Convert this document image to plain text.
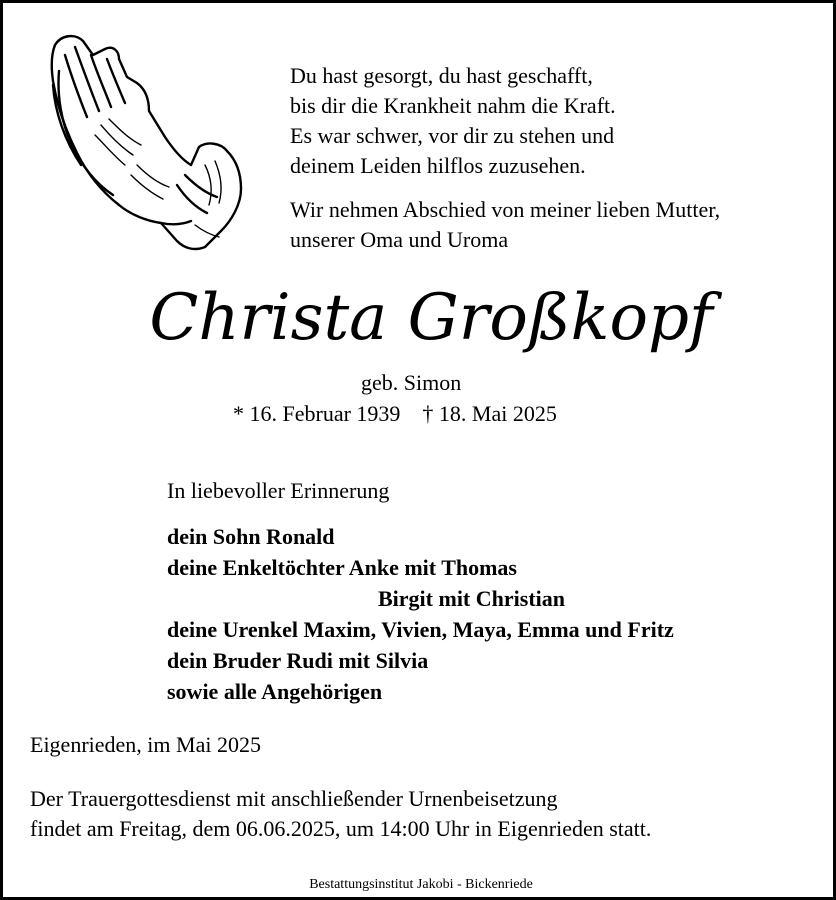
Du hast gesorgt, du hast geschafft,
bis dir die Krankheit nahm die Kraft.
Es war schwer, vor dir zu stehen und
deinem Leiden hilflos zuzusehen.
Wir nehmen Abschied von meiner lieben Mutter,
unserer Oma und Uroma
Christa Großkopf
geb. Simon
* 16. Februar 1939 † 18. Mai 2025
In liebevoller Erinnerung
dein Sohn Ronald
deine Enkeltöchter Anke mit Thomas
Birgit mit Christian
deine Urenkel Maxim, Vivien, Maya, Emma und Fritz
dein Bruder Rudi mit Silvia
sowie alle Angehörigen
Eigenrieden, im Mai 2025
Der Trauergottesdienst mit anschließender Urnenbeisetzung
findet am Freitag, dem 06.06.2025, um 14:00 Uhr in Eigenrieden statt.
Bestattungsinstitut Jakobi - Bickenriede
